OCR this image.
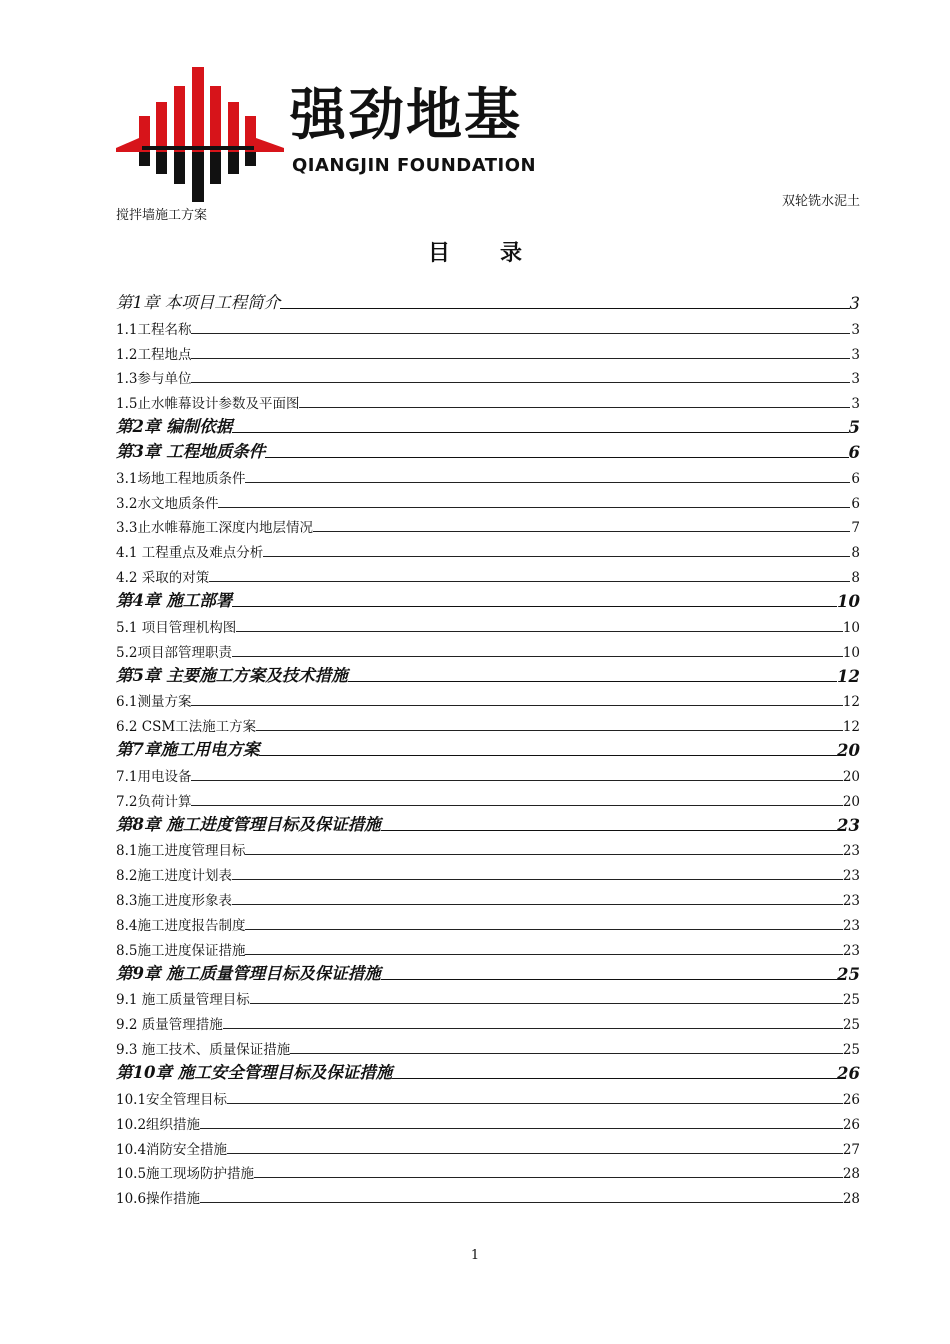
强劲地基
QIANGJIN FOUNDATION
双轮铣水泥土
搅拌墙施工方案
目 录
第1章 本项目工程简介	3
1.1工程名称	3
1.2工程地点	3
1.3参与单位	3
1.5止水帷幕设计参数及平面图	3
第2章 编制依据	5
第3章 工程地质条件	6
3.1场地工程地质条件	6
3.2水文地质条件	6
3.3止水帷幕施工深度内地层情况	7
4.1 工程重点及难点分析	8
4.2 采取的对策	8
第4章 施工部署	10
5.1 项目管理机构图	10
5.2项目部管理职责	10
第5章 主要施工方案及技术措施	12
6.1测量方案	12
6.2 CSM工法施工方案	12
第7章施工用电方案	20
7.1用电设备	20
7.2负荷计算	20
第8章 施工进度管理目标及保证措施	23
8.1施工进度管理目标	23
8.2施工进度计划表	23
8.3施工进度形象表	23
8.4施工进度报告制度	23
8.5施工进度保证措施	23
第9章 施工质量管理目标及保证措施	25
9.1 施工质量管理目标	25
9.2 质量管理措施	25
9.3 施工技术、质量保证措施	25
第10章 施工安全管理目标及保证措施	26
10.1安全管理目标	26
10.2组织措施	26
10.4消防安全措施	27
10.5施工现场防护措施	28
10.6操作措施	28
1
